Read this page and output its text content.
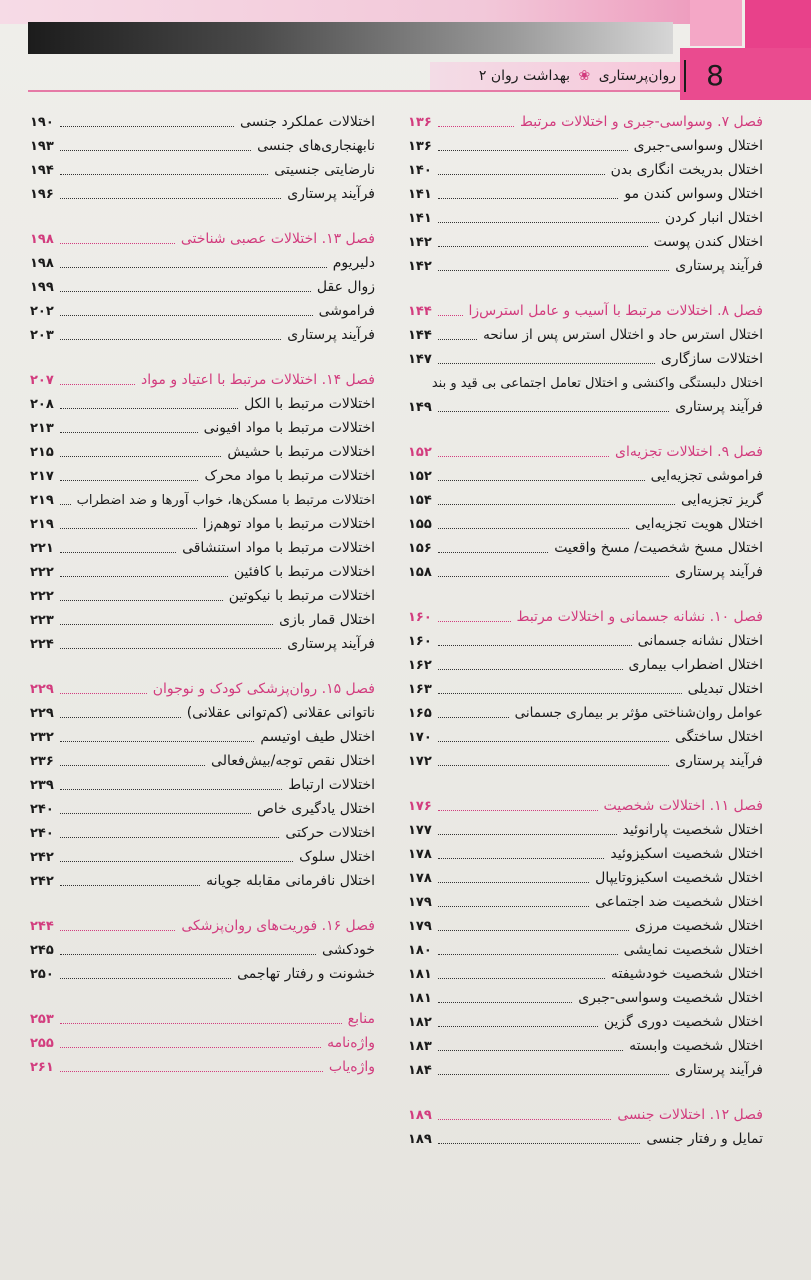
8
روان‌پرستاری ❀ بهداشت روان ۲
فصل ۷. وسواسی-جبری و اختلالات مرتبط
۱۳۶
اختلال وسواسی-جبری
۱۳۶
اختلال بدریخت انگاری بدن
۱۴۰
اختلال وسواس کندن مو
۱۴۱
اختلال انبار کردن
۱۴۱
اختلال کندن پوست
۱۴۲
فرآیند پرستاری
۱۴۲
فصل ۸. اختلالات مرتبط با آسیب و عامل استرس‌زا
۱۴۴
اختلال استرس حاد و اختلال استرس پس از سانحه
۱۴۴
اختلالات سازگاری
۱۴۷
اختلال دلبستگی واکنشی و اختلال تعامل اجتماعی بی قید و بند
فرآیند پرستاری
۱۴۹
فصل ۹. اختلالات تجزیه‌ای
۱۵۲
فراموشی تجزیه‌ایی
۱۵۲
گریز تجزیه‌ایی
۱۵۴
اختلال هویت تجزیه‌ایی
۱۵۵
اختلال مسخ شخصیت/ مسخ واقعیت
۱۵۶
فرآیند پرستاری
۱۵۸
فصل ۱۰. نشانه جسمانی و اختلالات مرتبط
۱۶۰
اختلال نشانه جسمانی
۱۶۰
اختلال اضطراب بیماری
۱۶۲
اختلال تبدیلی
۱۶۳
عوامل روان‌شناختی مؤثر بر بیماری جسمانی
۱۶۵
اختلال ساختگی
۱۷۰
فرآیند پرستاری
۱۷۲
فصل ۱۱. اختلالات شخصیت
۱۷۶
اختلال شخصیت پارانوئید
۱۷۷
اختلال شخصیت اسکیزوئید
۱۷۸
اختلال شخصیت اسکیزوتایپال
۱۷۸
اختلال شخصیت ضد اجتماعی
۱۷۹
اختلال شخصیت مرزی
۱۷۹
اختلال شخصیت نمایشی
۱۸۰
اختلال شخصیت خودشیفته
۱۸۱
اختلال شخصیت وسواسی-جبری
۱۸۱
اختلال شخصیت دوری گزین
۱۸۲
اختلال شخصیت وابسته
۱۸۳
فرآیند پرستاری
۱۸۴
فصل ۱۲. اختلالات جنسی
۱۸۹
تمایل و رفتار جنسی
۱۸۹
اختلالات عملکرد جنسی
۱۹۰
نابهنجاری‌های جنسی
۱۹۳
نارضایتی جنسیتی
۱۹۴
فرآیند پرستاری
۱۹۶
فصل ۱۳. اختلالات عصبی شناختی
۱۹۸
دلیریوم
۱۹۸
زوال عقل
۱۹۹
فراموشی
۲۰۲
فرآیند پرستاری
۲۰۳
فصل ۱۴. اختلالات مرتبط با اعتیاد و مواد
۲۰۷
اختلالات مرتبط با الکل
۲۰۸
اختلالات مرتبط با مواد افیونی
۲۱۳
اختلالات مرتبط با حشیش
۲۱۵
اختلالات مرتبط با مواد محرک
۲۱۷
اختلالات مرتبط با مسکن‌ها، خواب آورها و ضد اضطراب
۲۱۹
اختلالات مرتبط با مواد توهم‌زا
۲۱۹
اختلالات مرتبط با مواد استنشاقی
۲۲۱
اختلالات مرتبط با کافئین
۲۲۲
اختلالات مرتبط با نیکوتین
۲۲۲
اختلال قمار بازی
۲۲۳
فرآیند پرستاری
۲۲۴
فصل ۱۵. روان‌پزشکی کودک و نوجوان
۲۲۹
ناتوانی عقلانی (کم‌توانی عقلانی)
۲۲۹
اختلال طیف اوتیسم
۲۳۲
اختلال نقص توجه/بیش‌فعالی
۲۳۶
اختلالات ارتباط
۲۳۹
اختلال یادگیری خاص
۲۴۰
اختلالات حرکتی
۲۴۰
اختلال سلوک
۲۴۲
اختلال نافرمانی مقابله جویانه
۲۴۲
فصل ۱۶. فوریت‌های روان‌پزشکی
۲۴۴
خودکشی
۲۴۵
خشونت و رفتار تهاجمی
۲۵۰
منابع
۲۵۳
واژه‌نامه
۲۵۵
واژه‌یاب
۲۶۱
